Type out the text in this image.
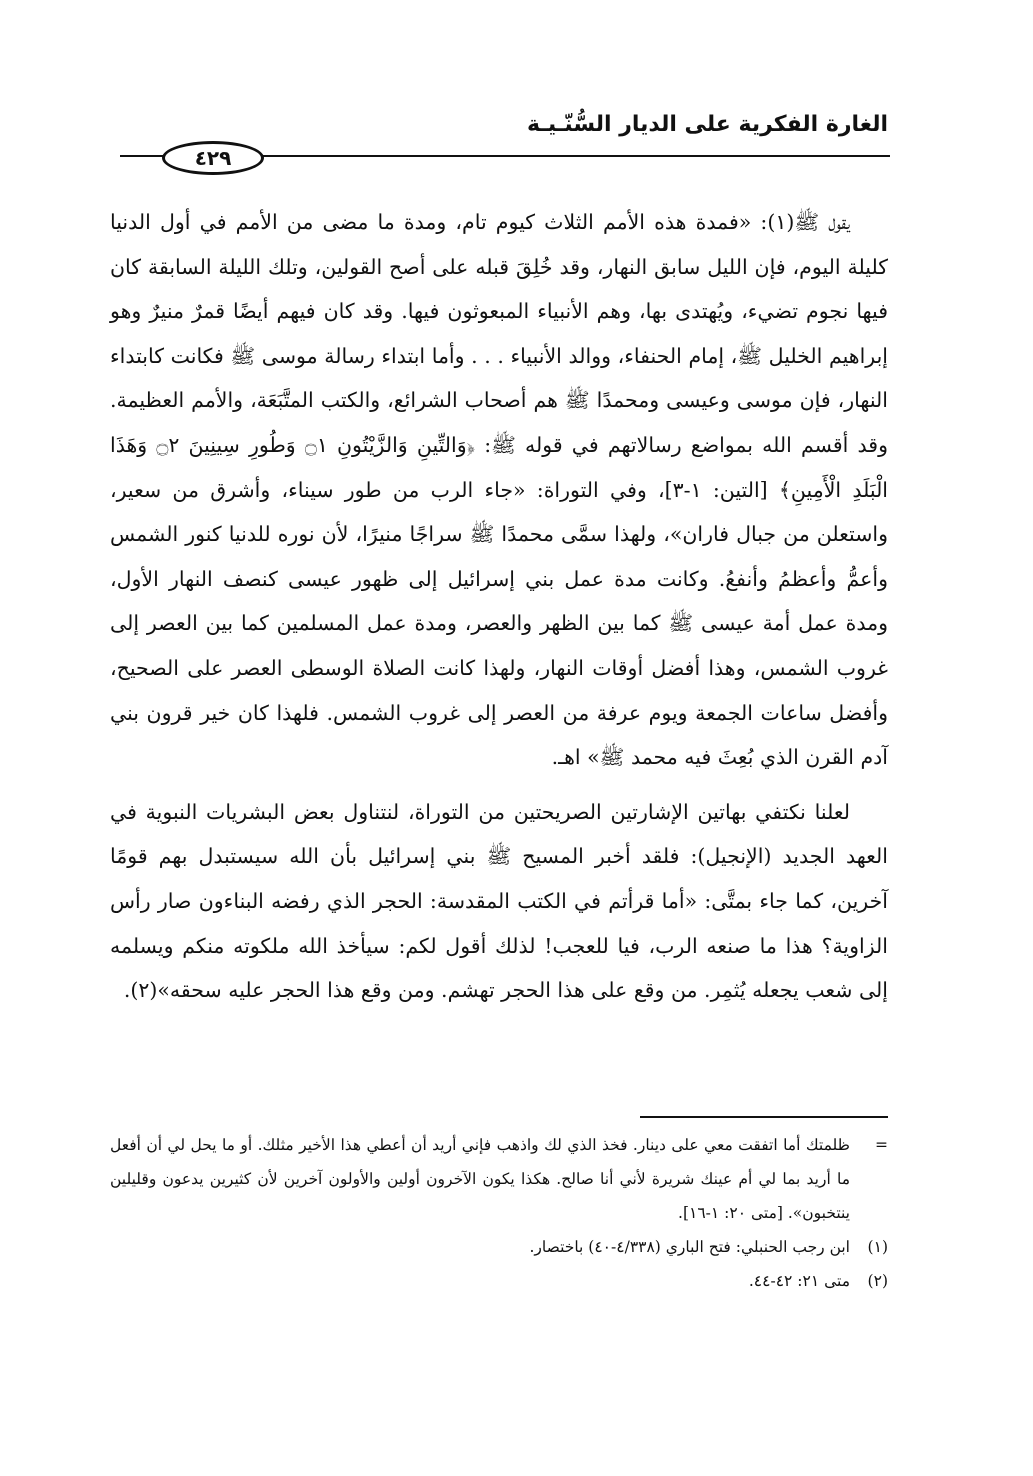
الغارة الفكرية على الديار السُّنّـيـة
٤٢٩

يقول ﷺ(١): «فمدة هذه الأمم الثلاث كيوم تام، ومدة ما مضى من الأمم في أول الدنيا كليلة اليوم، فإن الليل سابق النهار، وقد خُلِقَ قبله على أصح القولين، وتلك الليلة السابقة كان فيها نجوم تضيء، ويُهتدى بها، وهم الأنبياء المبعوثون فيها. وقد كان فيهم أيضًا قمرٌ منيرٌ وهو إبراهيم الخليل ﷺ، إمام الحنفاء، ووالد الأنبياء . . . وأما ابتداء رسالة موسى ﷺ فكانت كابتداء النهار، فإن موسى وعيسى ومحمدًا ﷺ هم أصحاب الشرائع، والكتب المتَّبَعَة، والأمم العظيمة. وقد أقسم الله بمواضع رسالاتهم في قوله ﷺ: ﴿وَالتِّينِ وَالزَّيْتُونِ ۝١ وَطُورِ سِينِينَ ۝٢ وَهَذَا الْبَلَدِ الْأَمِينِ﴾ [التين: ١-٣]، وفي التوراة: «جاء الرب من طور سيناء، وأشرق من سعير، واستعلن من جبال فاران»، ولهذا سمَّى محمدًا ﷺ سراجًا منيرًا، لأن نوره للدنيا كنور الشمس وأعمُّ وأعظمُ وأنفعُ. وكانت مدة عمل بني إسرائيل إلى ظهور عيسى كنصف النهار الأول، ومدة عمل أمة عيسى ﷺ كما بين الظهر والعصر، ومدة عمل المسلمين كما بين العصر إلى غروب الشمس، وهذا أفضل أوقات النهار، ولهذا كانت الصلاة الوسطى العصر على الصحيح، وأفضل ساعات الجمعة ويوم عرفة من العصر إلى غروب الشمس. فلهذا كان خير قرون بني آدم القرن الذي بُعِثَ فيه محمد ﷺ» اهـ.

لعلنا نكتفي بهاتين الإشارتين الصريحتين من التوراة، لنتناول بعض البشريات النبوية في العهد الجديد (الإنجيل): فلقد أخبر المسيح ﷺ بني إسرائيل بأن الله سيستبدل بهم قومًا آخرين، كما جاء بمتَّى: «أما قرأتم في الكتب المقدسة: الحجر الذي رفضه البناءون صار رأس الزاوية؟ هذا ما صنعه الرب، فيا للعجب! لذلك أقول لكم: سيأخذ الله ملكوته منكم ويسلمه إلى شعب يجعله يُثمِر. من وقع على هذا الحجر تهشم. ومن وقع هذا الحجر عليه سحقه»(٢).

=
ظلمتك أما اتفقت معي على دينار. فخذ الذي لك واذهب فإني أريد أن أعطي هذا الأخير مثلك. أو ما يحل لي أن أفعل ما أريد بما لي أم عينك شريرة لأني أنا صالح. هكذا يكون الآخرون أولين والأولون آخرين لأن كثيرين يدعون وقليلين ينتخبون». [متى ٢٠: ١-١٦].
(١)
ابن رجب الحنبلي: فتح الباري (٤/٣٣٨-٤٠) باختصار.
(٢)
متى ٢١: ٤٢-٤٤.
